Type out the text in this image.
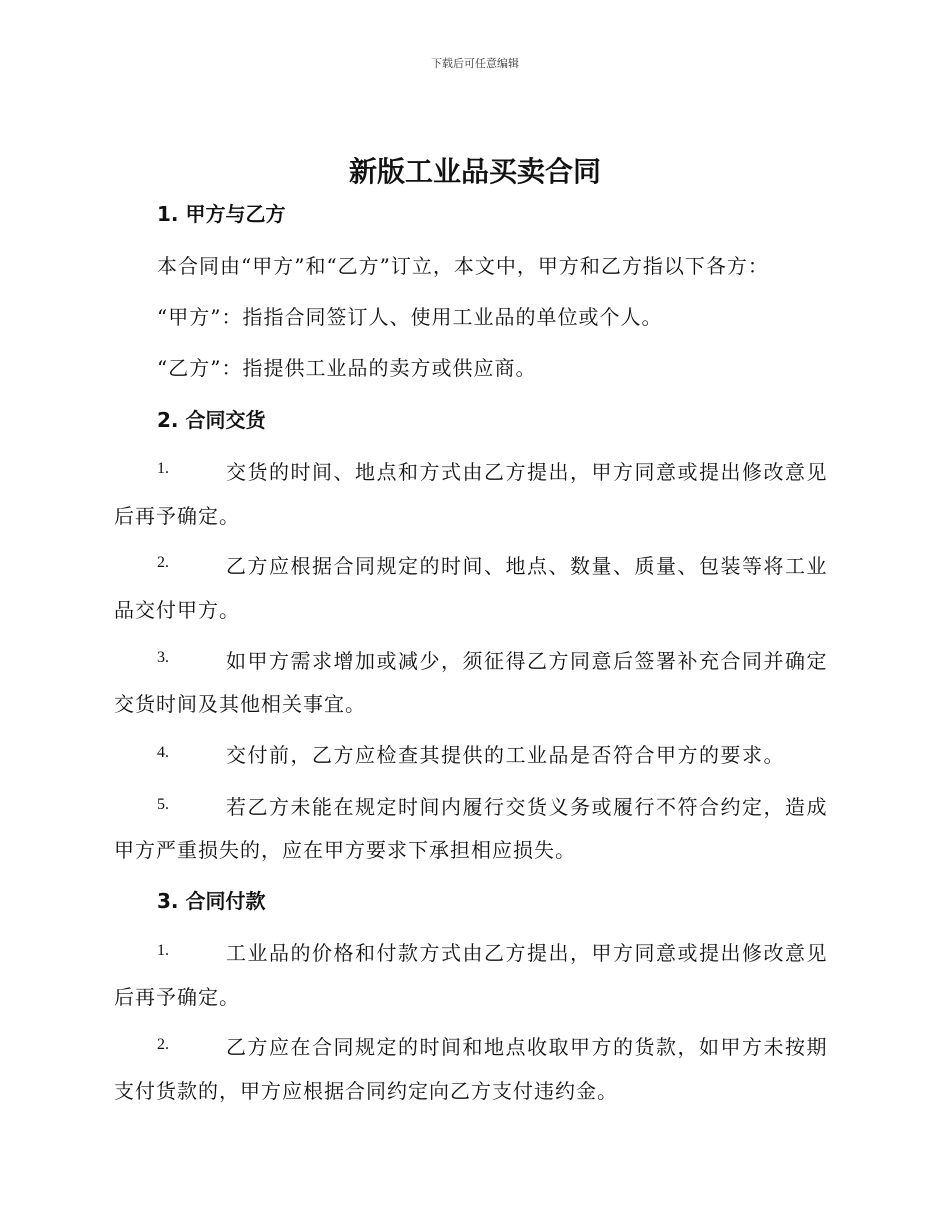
下载后可任意编辑
新版工业品买卖合同
1. 甲方与乙方
本合同由“甲方”和“乙方”订立，本文中，甲方和乙方指以下各方：
“甲方”：指指合同签订人、使用工业品的单位或个人。
“乙方”：指提供工业品的卖方或供应商。
2. 合同交货
1.	交货的时间、地点和方式由乙方提出，甲方同意或提出修改意见
后再予确定。
2.	乙方应根据合同规定的时间、地点、数量、质量、包装等将工业
品交付甲方。
3.	如甲方需求增加或减少，须征得乙方同意后签署补充合同并确定
交货时间及其他相关事宜。
4.	交付前，乙方应检查其提供的工业品是否符合甲方的要求。
5.	若乙方未能在规定时间内履行交货义务或履行不符合约定，造成
甲方严重损失的，应在甲方要求下承担相应损失。
3. 合同付款
1.	工业品的价格和付款方式由乙方提出，甲方同意或提出修改意见
后再予确定。
2.	乙方应在合同规定的时间和地点收取甲方的货款，如甲方未按期
支付货款的，甲方应根据合同约定向乙方支付违约金。
